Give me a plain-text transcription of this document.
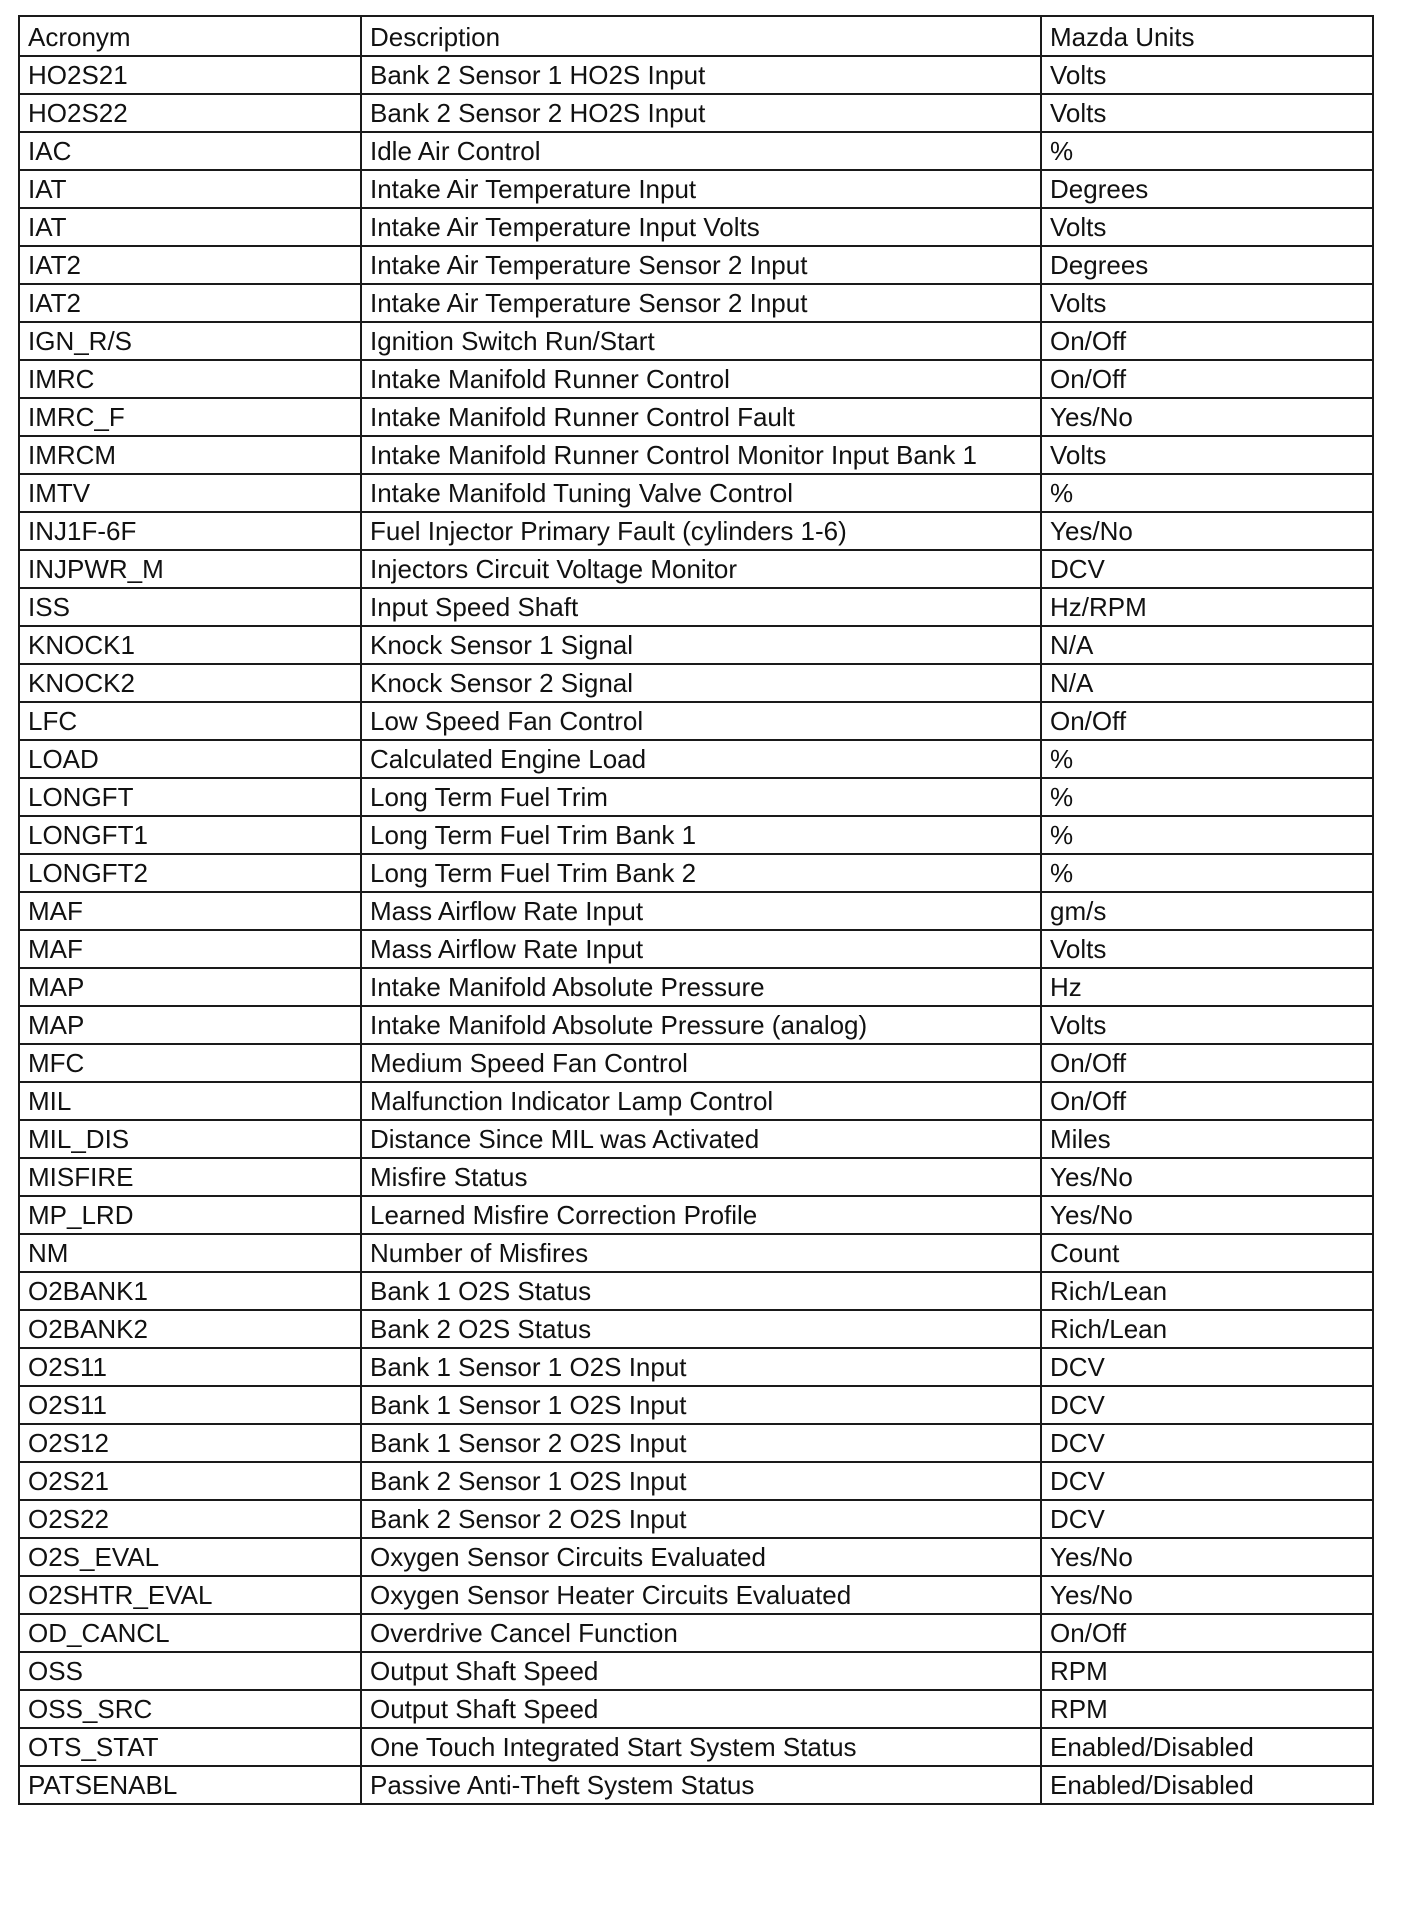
Acronym	Description	Mazda Units
HO2S21	Bank 2 Sensor 1 HO2S Input	Volts
HO2S22	Bank 2 Sensor 2 HO2S Input	Volts
IAC	Idle Air Control	%
IAT	Intake Air Temperature Input	Degrees
IAT	Intake Air Temperature Input Volts	Volts
IAT2	Intake Air Temperature Sensor 2 Input	Degrees
IAT2	Intake Air Temperature Sensor 2 Input	Volts
IGN_R/S	Ignition Switch Run/Start	On/Off
IMRC	Intake Manifold Runner Control	On/Off
IMRC_F	Intake Manifold Runner Control Fault	Yes/No
IMRCM	Intake Manifold Runner Control Monitor Input Bank 1	Volts
IMTV	Intake Manifold Tuning Valve Control	%
INJ1F-6F	Fuel Injector Primary Fault (cylinders 1-6)	Yes/No
INJPWR_M	Injectors Circuit Voltage Monitor	DCV
ISS	Input Speed Shaft	Hz/RPM
KNOCK1	Knock Sensor 1 Signal	N/A
KNOCK2	Knock Sensor 2 Signal	N/A
LFC	Low Speed Fan Control	On/Off
LOAD	Calculated Engine Load	%
LONGFT	Long Term Fuel Trim	%
LONGFT1	Long Term Fuel Trim Bank 1	%
LONGFT2	Long Term Fuel Trim Bank 2	%
MAF	Mass Airflow Rate Input	gm/s
MAF	Mass Airflow Rate Input	Volts
MAP	Intake Manifold Absolute Pressure	Hz
MAP	Intake Manifold Absolute Pressure (analog)	Volts
MFC	Medium Speed Fan Control	On/Off
MIL	Malfunction Indicator Lamp Control	On/Off
MIL_DIS	Distance Since MIL was Activated	Miles
MISFIRE	Misfire Status	Yes/No
MP_LRD	Learned Misfire Correction Profile	Yes/No
NM	Number of Misfires	Count
O2BANK1	Bank 1 O2S Status	Rich/Lean
O2BANK2	Bank 2 O2S Status	Rich/Lean
O2S11	Bank 1 Sensor 1 O2S Input	DCV
O2S11	Bank 1 Sensor 1 O2S Input	DCV
O2S12	Bank 1 Sensor 2 O2S Input	DCV
O2S21	Bank 2 Sensor 1 O2S Input	DCV
O2S22	Bank 2 Sensor 2 O2S Input	DCV
O2S_EVAL	Oxygen Sensor Circuits Evaluated	Yes/No
O2SHTR_EVAL	Oxygen Sensor Heater Circuits Evaluated	Yes/No
OD_CANCL	Overdrive Cancel Function	On/Off
OSS	Output Shaft Speed	RPM
OSS_SRC	Output Shaft Speed	RPM
OTS_STAT	One Touch Integrated Start System Status	Enabled/Disabled
PATSENABL	Passive Anti-Theft System Status	Enabled/Disabled
